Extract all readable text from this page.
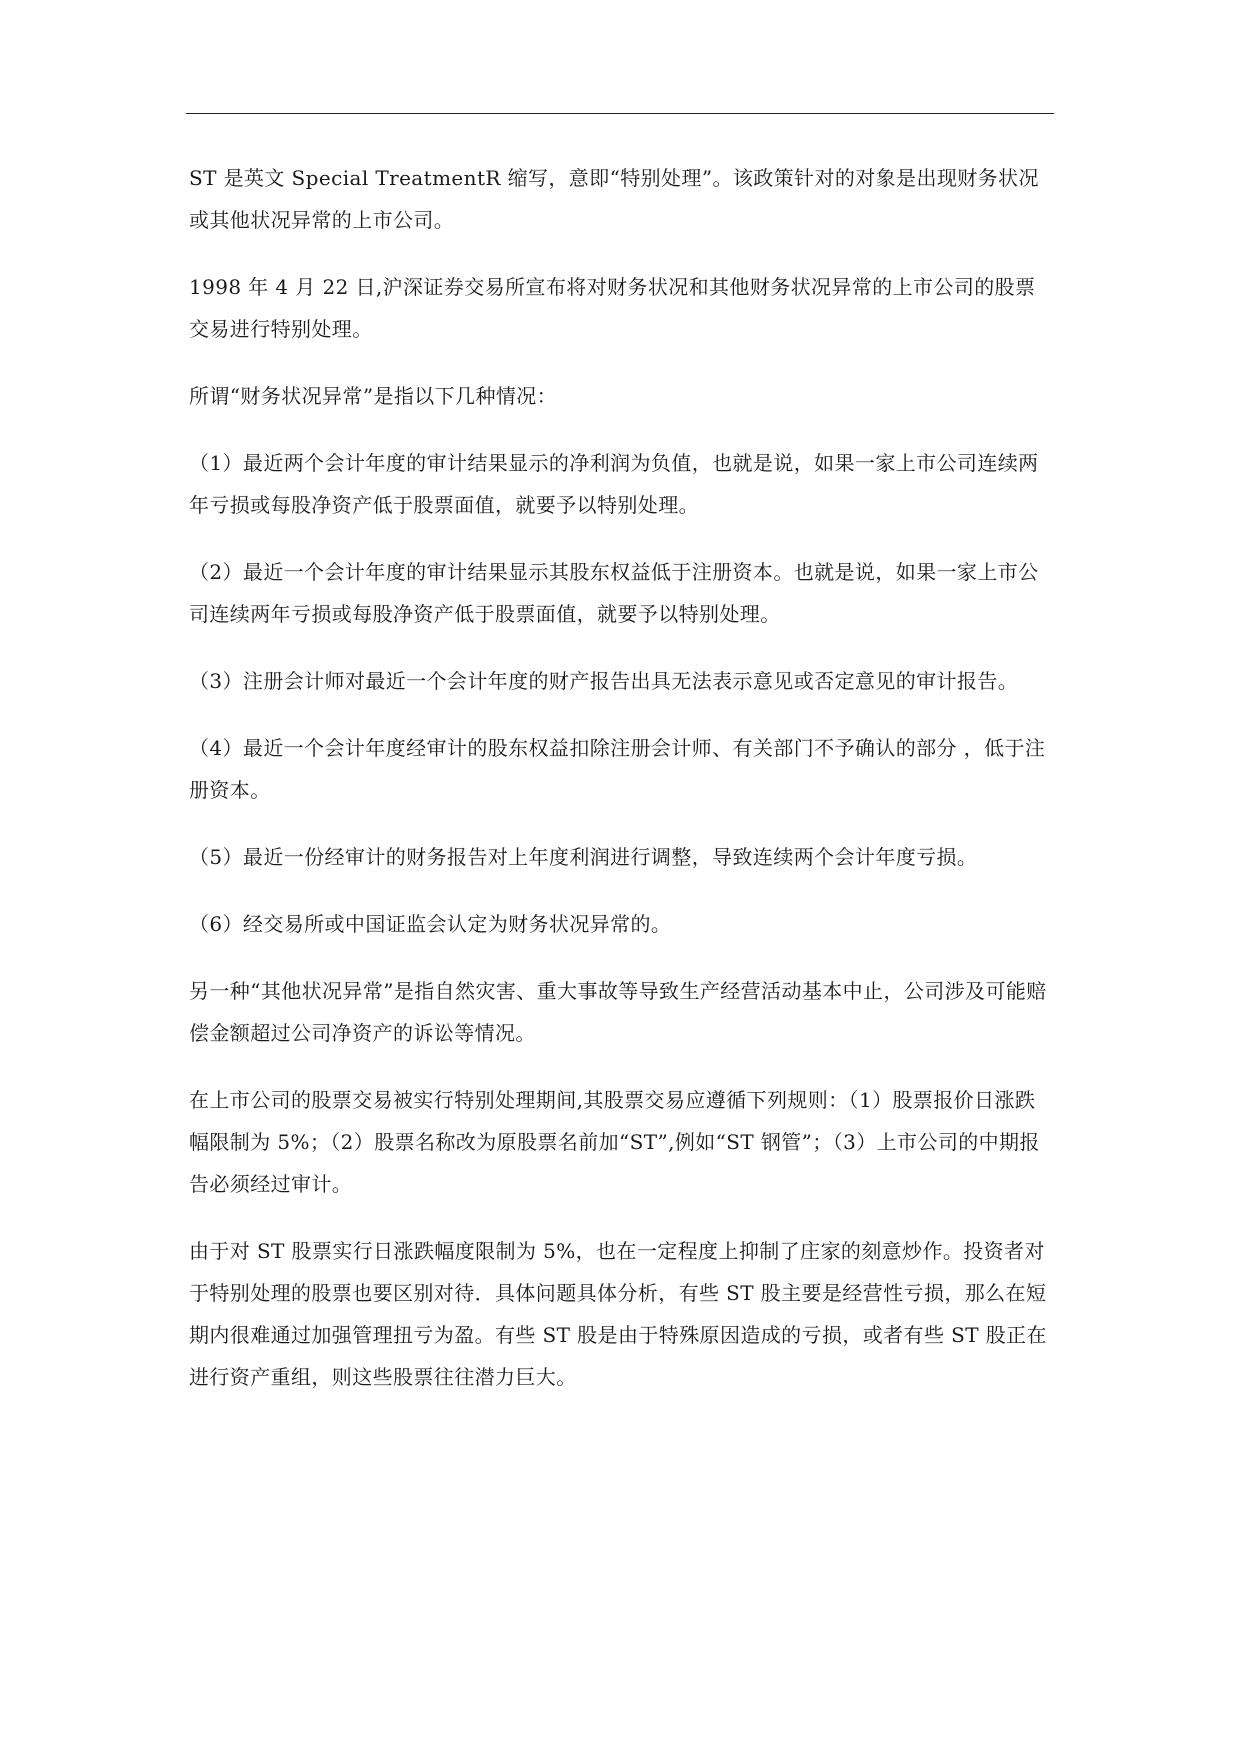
ST 是英文 Special TreatmentR 缩写，意即“特别处理”。该政策针对的对象是出现财务状况或其他状况异常的上市公司。

1998 年 4 月 22 日,沪深证券交易所宣布将对财务状况和其他财务状况异常的上市公司的股票交易进行特别处理。

所谓“财务状况异常”是指以下几种情况：

（1）最近两个会计年度的审计结果显示的净利润为负值，也就是说，如果一家上市公司连续两年亏损或每股净资产低于股票面值，就要予以特别处理。

（2）最近一个会计年度的审计结果显示其股东权益低于注册资本。也就是说，如果一家上市公司连续两年亏损或每股净资产低于股票面值，就要予以特别处理。

（3）注册会计师对最近一个会计年度的财产报告出具无法表示意见或否定意见的审计报告。

（4）最近一个会计年度经审计的股东权益扣除注册会计师、有关部门不予确认的部分 ，低于注册资本。

（5）最近一份经审计的财务报告对上年度利润进行调整，导致连续两个会计年度亏损。

（6）经交易所或中国证监会认定为财务状况异常的。

另一种“其他状况异常”是指自然灾害、重大事故等导致生产经营活动基本中止，公司涉及可能赔偿金额超过公司净资产的诉讼等情况。

在上市公司的股票交易被实行特别处理期间,其股票交易应遵循下列规则：（1）股票报价日涨跌幅限制为 5%；（2）股票名称改为原股票名前加“ST”,例如“ST 钢管”；（3）上市公司的中期报告必须经过审计。

由于对 ST 股票实行日涨跌幅度限制为 5%，也在一定程度上抑制了庄家的刻意炒作。投资者对于特别处理的股票也要区别对待．具体问题具体分析，有些 ST 股主要是经营性亏损，那么在短期内很难通过加强管理扭亏为盈。有些 ST 股是由于特殊原因造成的亏损，或者有些 ST 股正在进行资产重组，则这些股票往往潜力巨大。
